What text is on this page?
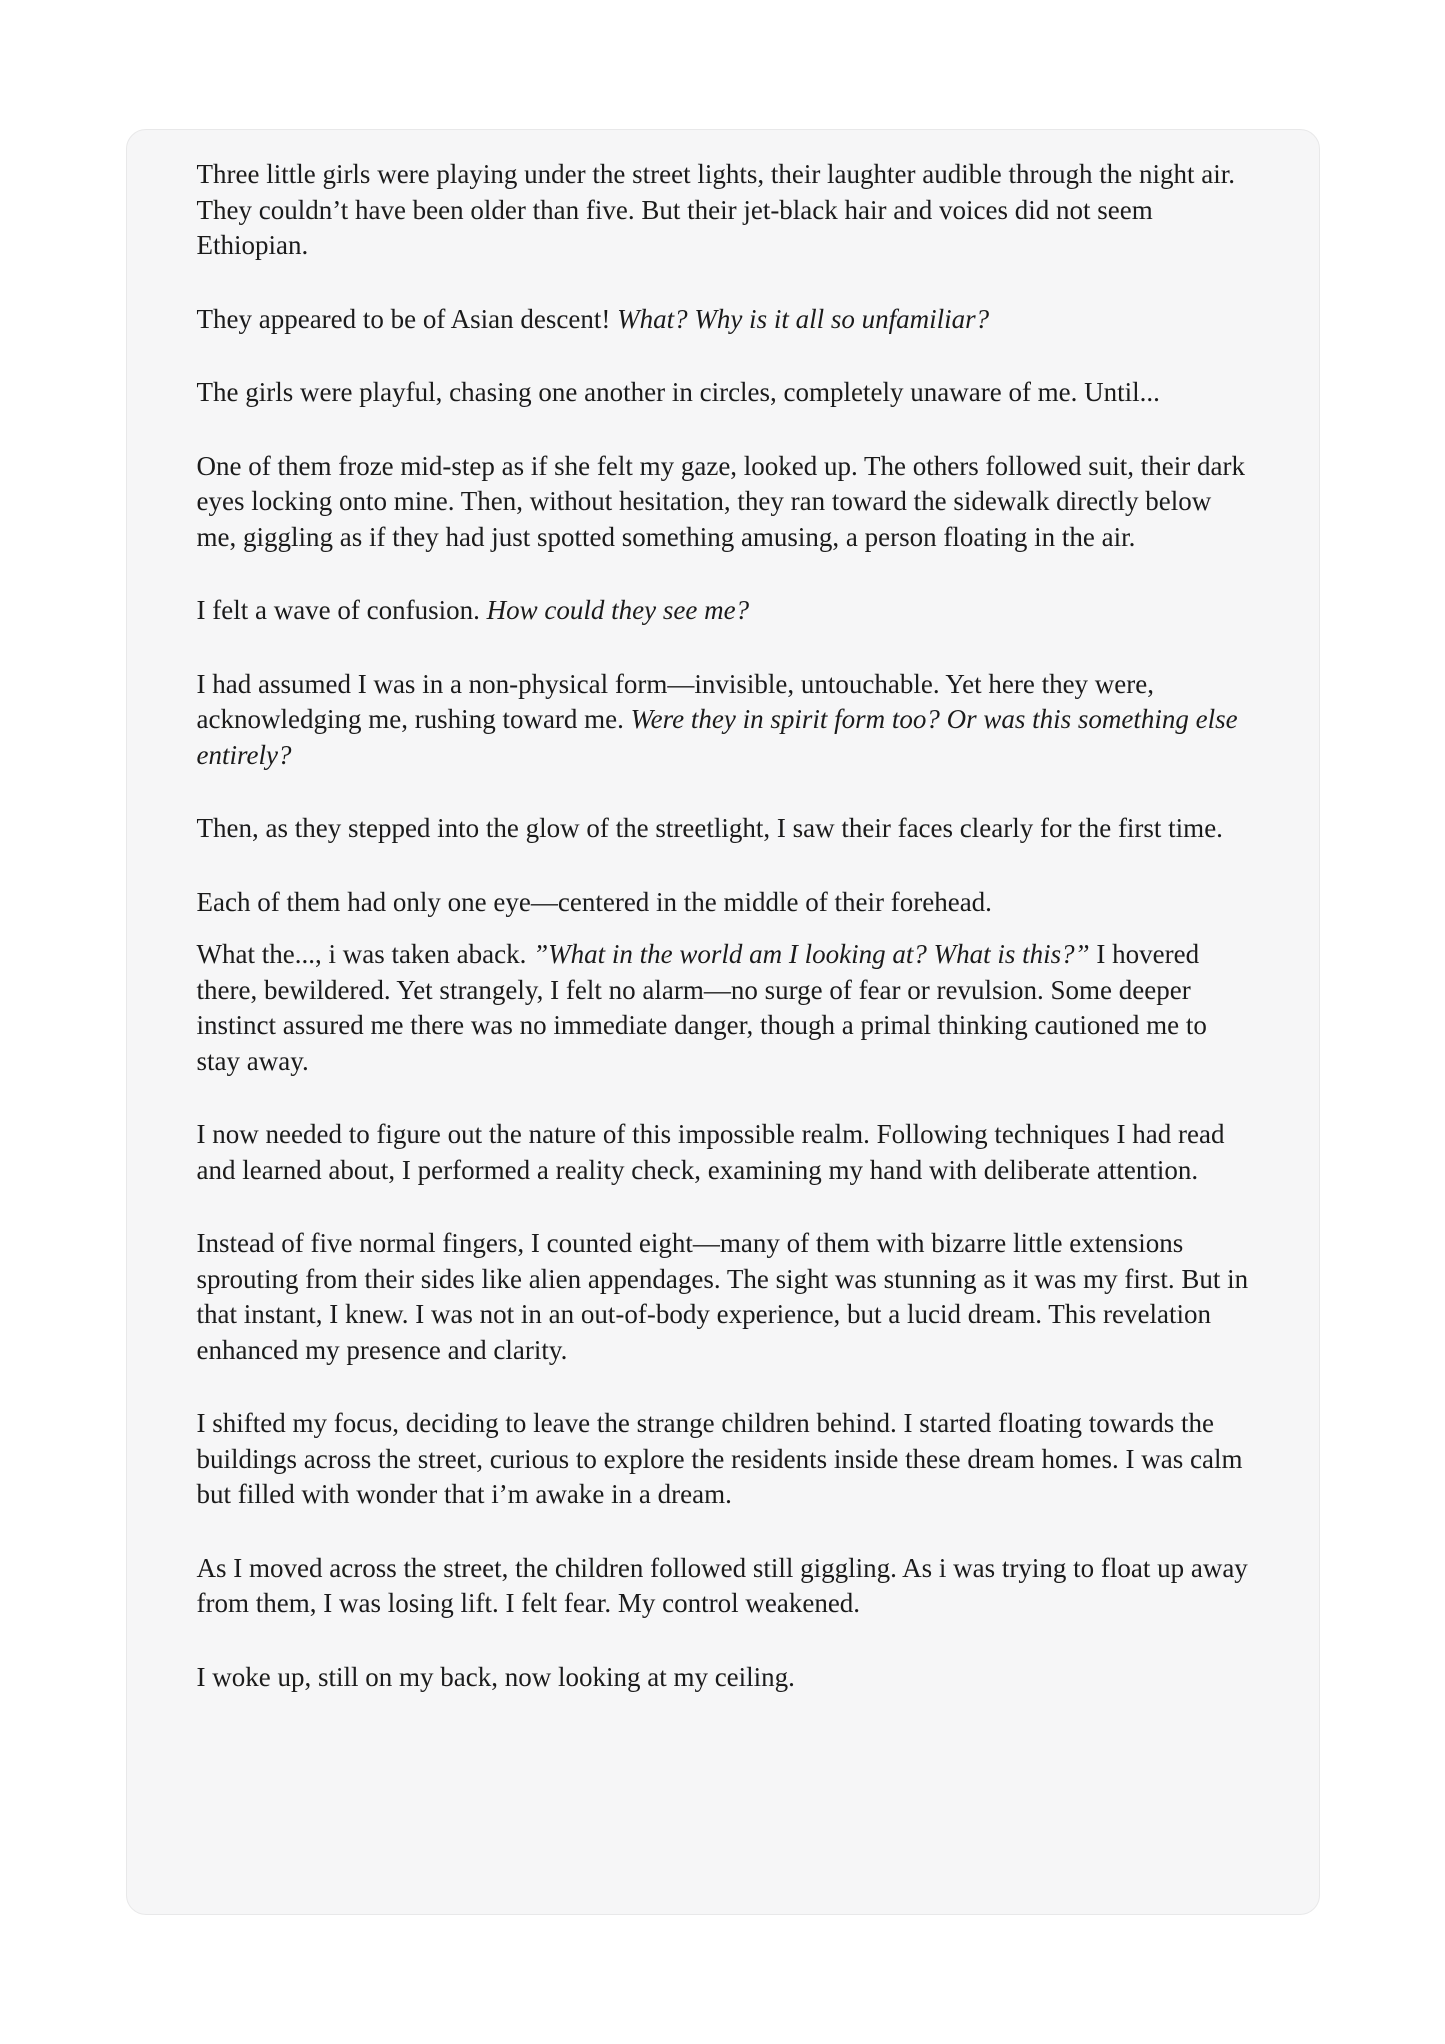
Three little girls were playing under the street lights, their laughter audible through the night air. They couldn’t have been older than five. But their jet-black hair and voices did not seem Ethiopian.

They appeared to be of Asian descent! What? Why is it all so unfamiliar?

The girls were playful, chasing one another in circles, completely unaware of me. Until...

One of them froze mid-step as if she felt my gaze, looked up. The others followed suit, their dark eyes locking onto mine. Then, without hesitation, they ran toward the sidewalk directly below me, giggling as if they had just spotted something amusing, a person floating in the air.

I felt a wave of confusion. How could they see me?

I had assumed I was in a non-physical form—invisible, untouchable. Yet here they were, acknowledging me, rushing toward me. Were they in spirit form too? Or was this something else entirely?

Then, as they stepped into the glow of the streetlight, I saw their faces clearly for the first time.

Each of them had only one eye—centered in the middle of their forehead.

What the..., i was taken aback. ”What in the world am I looking at? What is this?” I hovered there, bewildered. Yet strangely, I felt no alarm—no surge of fear or revulsion. Some deeper instinct assured me there was no immediate danger, though a primal thinking cautioned me to stay away.

I now needed to figure out the nature of this impossible realm. Following techniques I had read and learned about, I performed a reality check, examining my hand with deliberate attention.

Instead of five normal fingers, I counted eight—many of them with bizarre little extensions sprouting from their sides like alien appendages. The sight was stunning as it was my first. But in that instant, I knew. I was not in an out-of-body experience, but a lucid dream. This revelation enhanced my presence and clarity.

I shifted my focus, deciding to leave the strange children behind. I started floating towards the buildings across the street, curious to explore the residents inside these dream homes. I was calm but filled with wonder that i’m awake in a dream.

As I moved across the street, the children followed still giggling. As i was trying to float up away from them, I was losing lift. I felt fear. My control weakened.

I woke up, still on my back, now looking at my ceiling.
